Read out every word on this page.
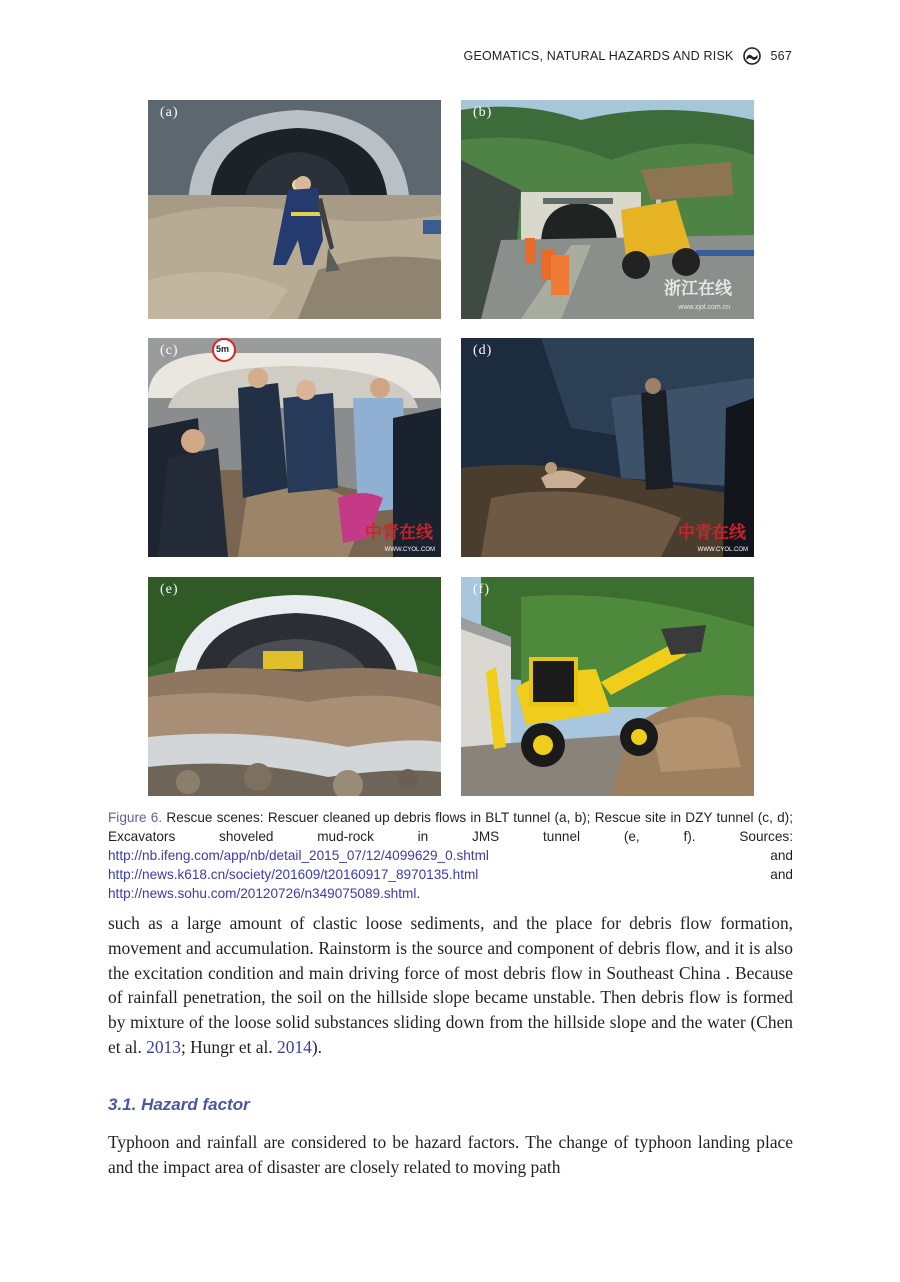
GEOMATICS, NATURAL HAZARDS AND RISK	567
(a)	(b)
浙江在线
www.zjol.com.cn
(c)	5m
中青在线
WWW.CYOL.COM
(d)
中青在线
WWW.CYOL.COM
(e)	(f)
Figure 6. Rescue scenes: Rescuer cleaned up debris flows in BLT tunnel (a, b); Rescue site in DZY tunnel (c, d); Excavators shoveled mud-rock in JMS tunnel (e, f). Sources: http://nb.ifeng.com/app/nb/detail_2015_07/12/4099629_0.shtml and http://news.k618.cn/society/201609/t20160917_8970135.html and http://news.sohu.com/20120726/n349075089.shtml.
such as a large amount of clastic loose sediments, and the place for debris flow formation, movement and accumulation. Rainstorm is the source and component of debris flow, and it is also the excitation condition and main driving force of most debris flow in Southeast China . Because of rainfall penetration, the soil on the hillside slope became unstable. Then debris flow is formed by mixture of the loose solid substances sliding down from the hillside slope and the water (Chen et al. 2013; Hungr et al. 2014).
3.1. Hazard factor
Typhoon and rainfall are considered to be hazard factors. The change of typhoon landing place and the impact area of disaster are closely related to moving path
